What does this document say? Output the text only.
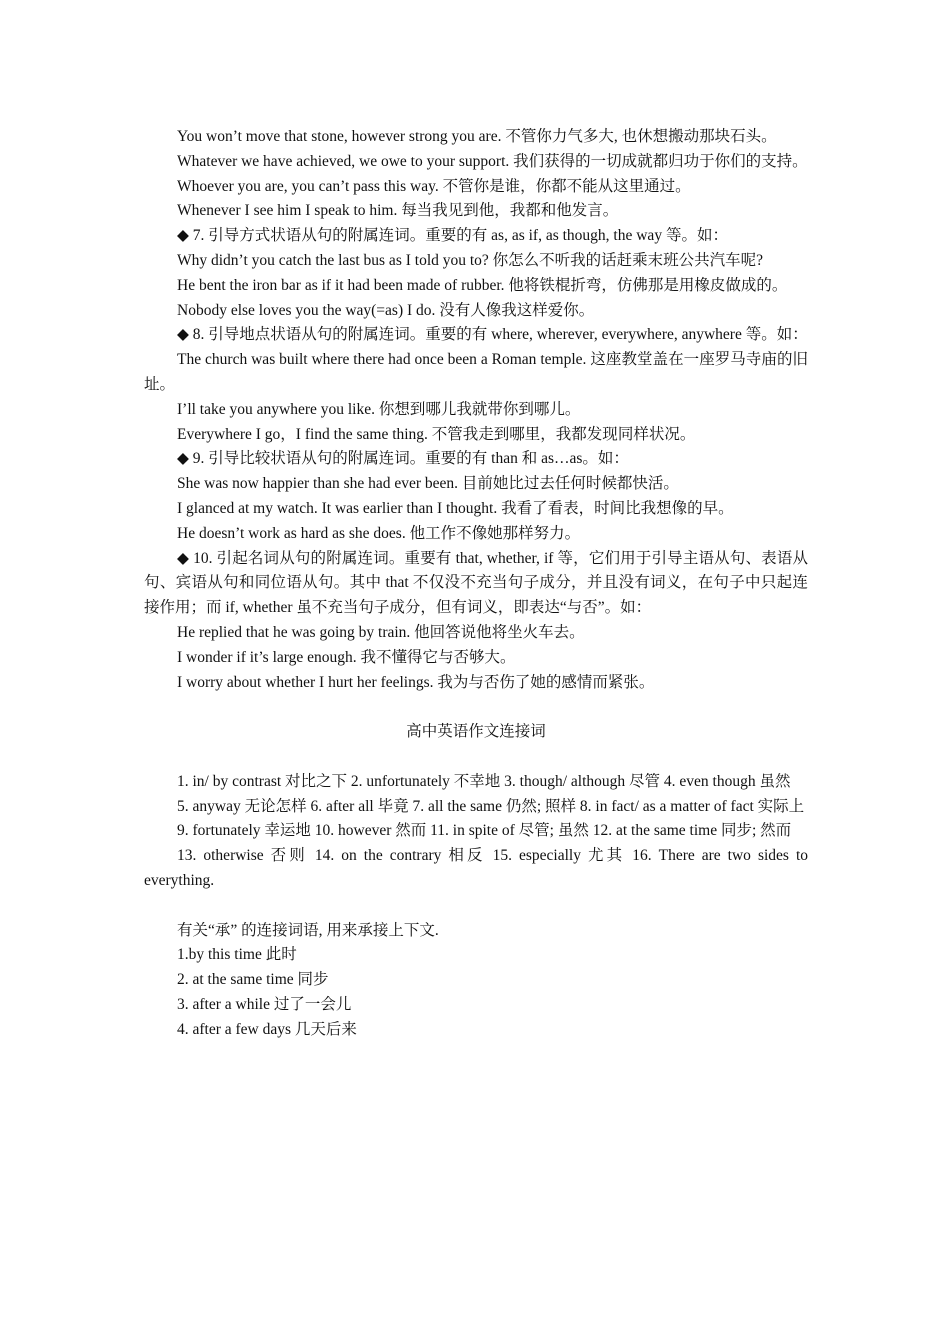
You won’t move that stone, however strong you are. 不管你力气多大, 也休想搬动那块石头。

Whatever we have achieved, we owe to your support. 我们获得的一切成就都归功于你们的支持。

Whoever you are, you can’t pass this way. 不管你是谁，你都不能从这里通过。

Whenever I see him I speak to him. 每当我见到他，我都和他发言。

◆ 7. 引导方式状语从句的附属连词。重要的有 as, as if, as though, the way 等。如：

Why didn’t you catch the last bus as I told you to? 你怎么不听我的话赶乘末班公共汽车呢?

He bent the iron bar as if it had been made of rubber. 他将铁棍折弯，仿佛那是用橡皮做成的。

Nobody else loves you the way(=as) I do. 没有人像我这样爱你。

◆ 8. 引导地点状语从句的附属连词。重要的有 where, wherever, everywhere, anywhere 等。如：

The church was built where there had once been a Roman temple. 这座教堂盖在一座罗马寺庙的旧址。

I’ll take you anywhere you like. 你想到哪儿我就带你到哪儿。

Everywhere I go，I find the same thing. 不管我走到哪里，我都发现同样状况。

◆ 9. 引导比较状语从句的附属连词。重要的有 than 和 as…as。如：

She was now happier than she had ever been. 目前她比过去任何时候都快活。

I glanced at my watch. It was earlier than I thought. 我看了看表，时间比我想像的早。

He doesn’t work as hard as she does. 他工作不像她那样努力。

◆ 10. 引起名词从句的附属连词。重要有 that, whether, if 等，它们用于引导主语从句、表语从句、宾语从句和同位语从句。其中 that 不仅没不充当句子成分，并且没有词义，在句子中只起连接作用；而 if, whether 虽不充当句子成分，但有词义，即表达“与否”。如：

He replied that he was going by train. 他回答说他将坐火车去。

I wonder if it’s large enough. 我不懂得它与否够大。

I worry about whether I hurt her feelings. 我为与否伤了她的感情而紧张。

高中英语作文连接词

1. in/ by contrast 对比之下 2. unfortunately 不幸地 3. though/ although 尽管 4. even though 虽然

5. anyway 无论怎样 6. after all 毕竟 7. all the same 仍然; 照样 8. in fact/ as a matter of fact 实际上

9. fortunately 幸运地 10. however 然而 11. in spite of 尽管; 虽然 12. at the same time 同步; 然而

13. otherwise 否则 14. on the contrary 相反 15. especially 尤其 16. There are two sides to everything.

有关“承” 的连接词语, 用来承接上下文.

1.by this time 此时

2. at the same time 同步

3. after a while 过了一会儿

4. after a few days 几天后来
